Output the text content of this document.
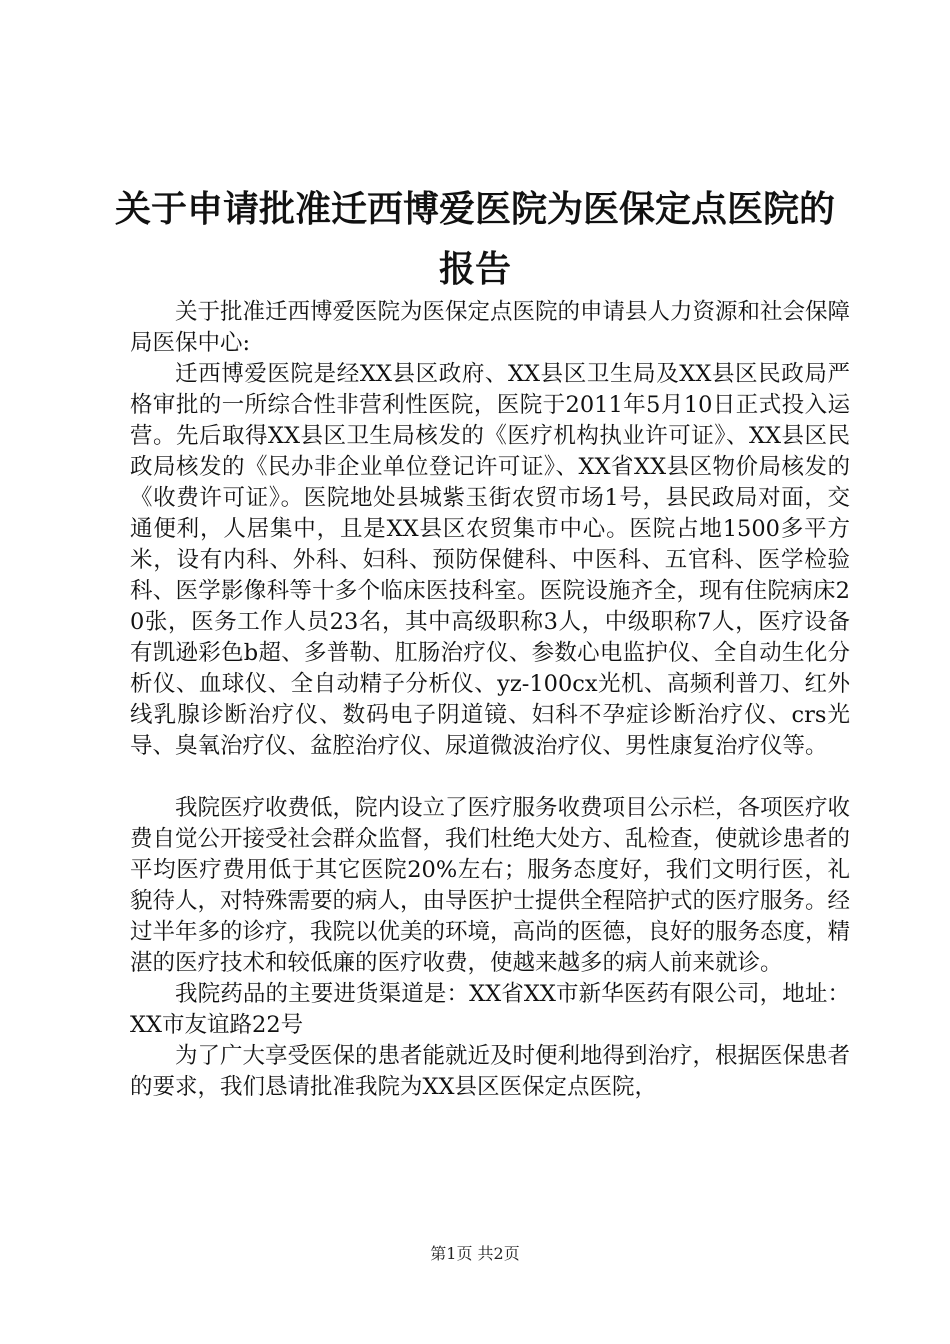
关于申请批准迁西博爱医院为医保定点医院的
报告

关于批准迁西博爱医院为医保定点医院的申请县人力资源和社会保障局医保中心:

迁西博爱医院是经XX县区政府、XX县区卫生局及XX县区民政局严格审批的一所综合性非营利性医院，医院于2011年5月10日正式投入运营。先后取得XX县区卫生局核发的《医疗机构执业许可证》、XX县区民政局核发的《民办非企业单位登记许可证》、XX省XX县区物价局核发的《收费许可证》。医院地处县城紫玉街农贸市场1号，县民政局对面，交通便利，人居集中，且是XX县区农贸集市中心。医院占地1500多平方米，设有内科、外科、妇科、预防保健科、中医科、五官科、医学检验科、医学影像科等十多个临床医技科室。医院设施齐全，现有住院病床20张，医务工作人员23名，其中高级职称3人，中级职称7人，医疗设备有凯逊彩色b超、多普勒、肛肠治疗仪、参数心电监护仪、全自动生化分析仪、血球仪、全自动精子分析仪、yz-100cx光机、高频利普刀、红外线乳腺诊断治疗仪、数码电子阴道镜、妇科不孕症诊断治疗仪、crs光导、臭氧治疗仪、盆腔治疗仪、尿道微波治疗仪、男性康复治疗仪等。

我院医疗收费低，院内设立了医疗服务收费项目公示栏，各项医疗收费自觉公开接受社会群众监督，我们杜绝大处方、乱检查，使就诊患者的平均医疗费用低于其它医院20%左右；服务态度好，我们文明行医，礼貌待人，对特殊需要的病人，由导医护士提供全程陪护式的医疗服务。经过半年多的诊疗，我院以优美的环境，高尚的医德，良好的服务态度，精湛的医疗技术和较低廉的医疗收费，使越来越多的病人前来就诊。

我院药品的主要进货渠道是：XX省XX市新华医药有限公司，地址：XX市友谊路22号

为了广大享受医保的患者能就近及时便利地得到治疗，根据医保患者的要求，我们恳请批准我院为XX县区医保定点医院，

第1页 共2页
